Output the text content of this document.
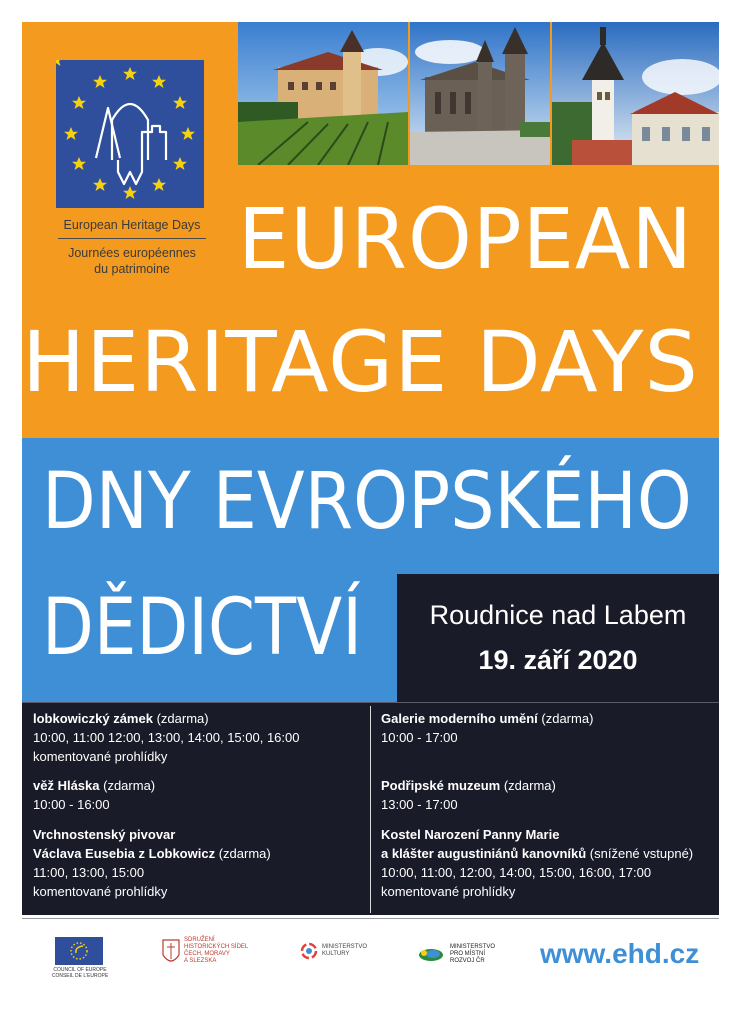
European Heritage Days
Journées européennes
du patrimoine EUROPEAN
HERITAGE DAYS
DNY EVROPSKÉHO
DĚDICTVÍ	Roudnice nad Labem
19. září 2020
lobkowiczký zámek (zdarma)
10:00, 11:00 12:00, 13:00, 14:00, 15:00, 16:00
komentované prohlídky
věž Hláska (zdarma)
10:00 - 16:00
Vrchnostenský pivovar
Václava Eusebia z Lobkowicz (zdarma)
11:00, 13:00, 15:00
komentované prohlídky
Galerie moderního umění (zdarma)
10:00 - 17:00
Podřipské muzeum (zdarma)
13:00 - 17:00
Kostel Narození Panny Marie
a klášter augustiniánů kanovníků (snížené vstupné)
10:00, 11:00, 12:00, 14:00, 15:00, 16:00, 17:00
komentované prohlídky
COUNCIL OF EUROPE CONSEIL DE L'EUROPE
SDRUŽENÍ HISTORICKÝCH SÍDEL
ČECH, MORAVY
A SLEZSKA
MINISTERSTVO
KULTURY
MINISTERSTVO
PRO MÍSTNÍ
ROZVOJ ČR	www.ehd.cz
